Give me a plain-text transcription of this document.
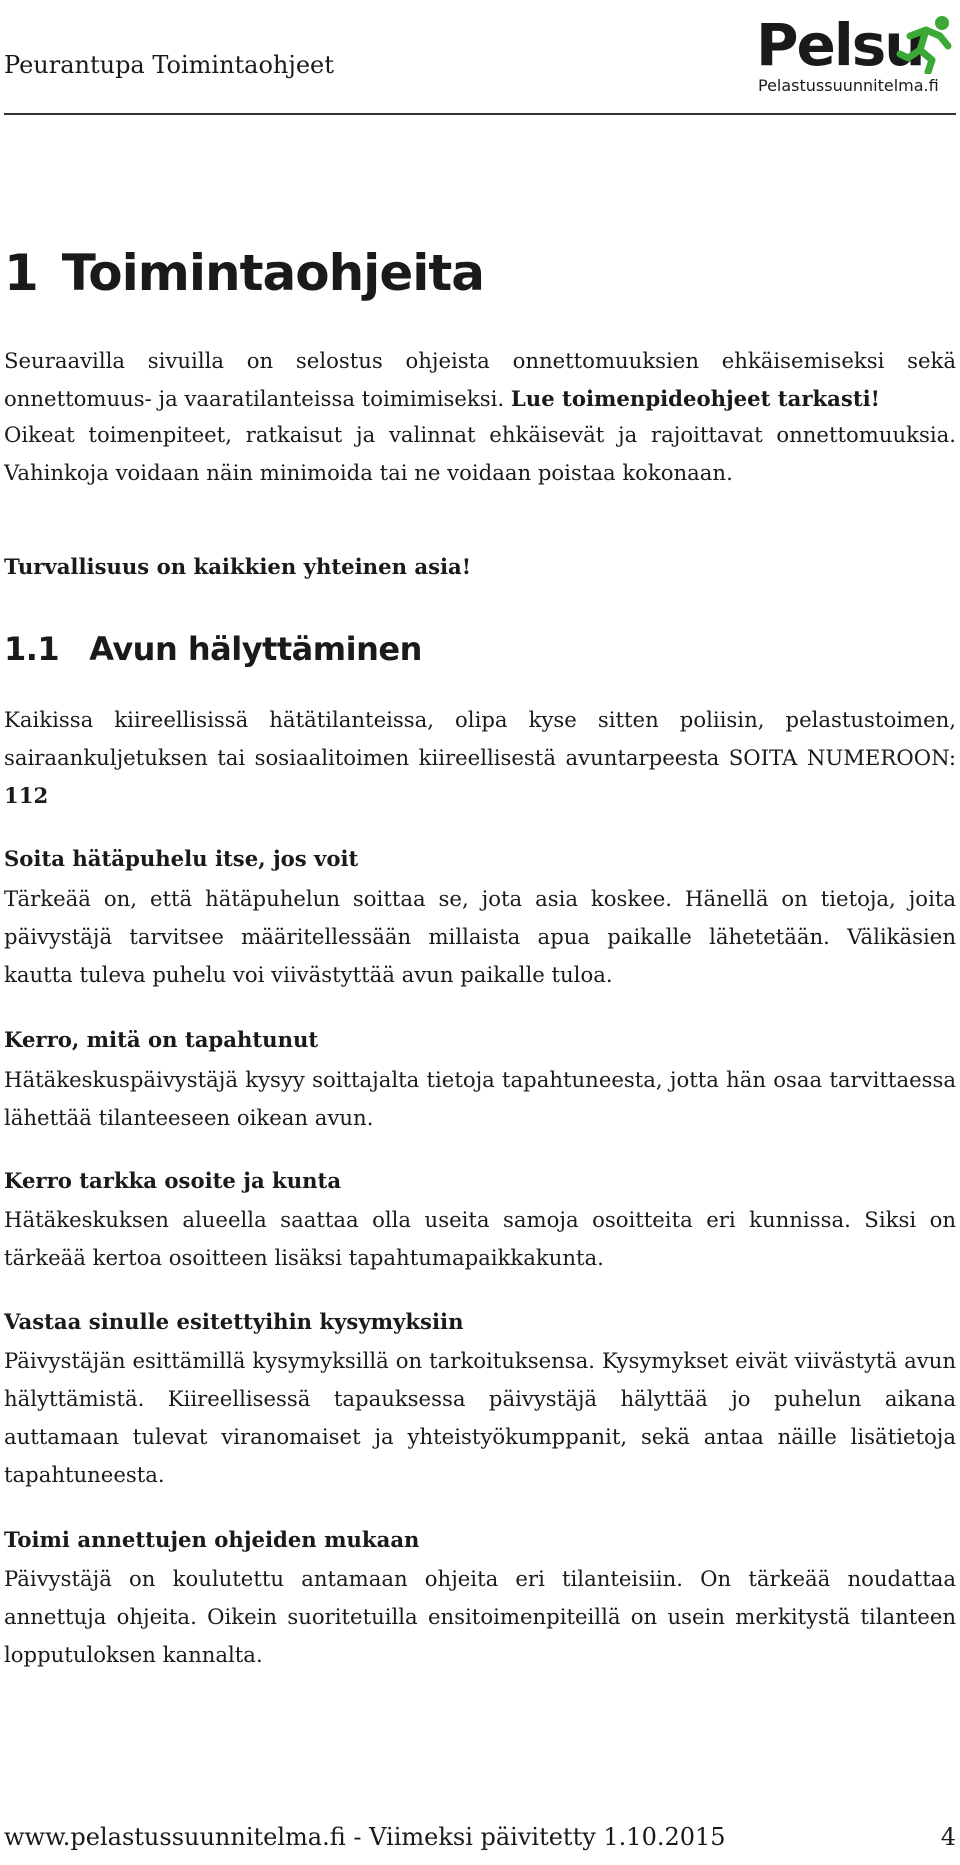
Peurantupa Toimintaohjeet	Pelsu
Pelastussuunnitelma.fi
1 Toimintaohjeita
Seuraavilla sivuilla on selostus ohjeista onnettomuuksien ehkäisemiseksi sekä onnettomuus- ja vaaratilanteissa toimimiseksi. Lue toimenpideohjeet tarkasti!
Oikeat toimenpiteet, ratkaisut ja valinnat ehkäisevät ja rajoittavat onnettomuuksia. Vahinkoja voidaan näin minimoida tai ne voidaan poistaa kokonaan.
Turvallisuus on kaikkien yhteinen asia!
1.1 Avun hälyttäminen
Kaikissa kiireellisissä hätätilanteissa, olipa kyse sitten poliisin, pelastustoimen, sairaankuljetuksen tai sosiaalitoimen kiireellisestä avuntarpeesta SOITA NUMEROON: 112
Soita hätäpuhelu itse, jos voit
Tärkeää on, että hätäpuhelun soittaa se, jota asia koskee. Hänellä on tietoja, joita päivystäjä tarvitsee määritellessään millaista apua paikalle lähetetään. Välikäsien kautta tuleva puhelu voi viivästyttää avun paikalle tuloa.
Kerro, mitä on tapahtunut
Hätäkeskuspäivystäjä kysyy soittajalta tietoja tapahtuneesta, jotta hän osaa tarvittaessa lähettää tilanteeseen oikean avun.
Kerro tarkka osoite ja kunta
Hätäkeskuksen alueella saattaa olla useita samoja osoitteita eri kunnissa. Siksi on tärkeää kertoa osoitteen lisäksi tapahtumapaikkakunta.
Vastaa sinulle esitettyihin kysymyksiin
Päivystäjän esittämillä kysymyksillä on tarkoituksensa. Kysymykset eivät viivästytä avun hälyttämistä. Kiireellisessä tapauksessa päivystäjä hälyttää jo puhelun aikana auttamaan tulevat viranomaiset ja yhteistyökumppanit, sekä antaa näille lisätietoja tapahtuneesta.
Toimi annettujen ohjeiden mukaan
Päivystäjä on koulutettu antamaan ohjeita eri tilanteisiin. On tärkeää noudattaa annettuja ohjeita. Oikein suoritetuilla ensitoimenpiteillä on usein merkitystä tilanteen lopputuloksen kannalta.
www.pelastussuunnitelma.fi - Viimeksi päivitetty 1.10.2015	4
